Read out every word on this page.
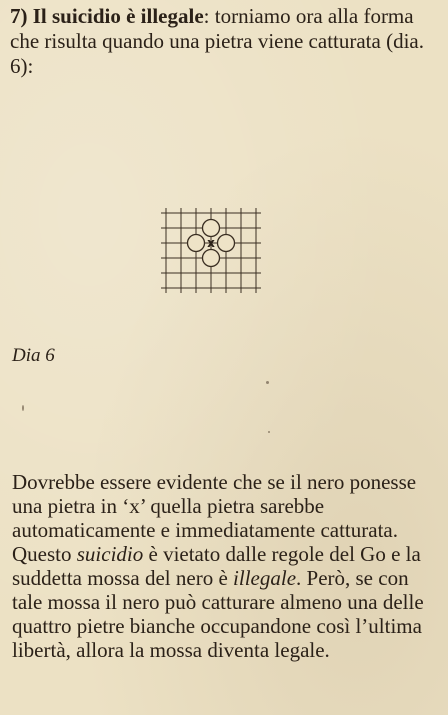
7) Il suicidio è illegale: torniamo ora alla forma che risulta quando una pietra viene catturata (dia. 6):

x

Dia 6

Dovrebbe essere evidente che se il nero ponesse una pietra in ‘x’ quella pietra sarebbe automaticamente e immediatamente catturata. Questo suicidio è vietato dalle regole del Go e la suddetta mossa del nero è illegale. Però, se con tale mossa il nero può catturare almeno una delle quattro pietre bianche occupandone così l’ultima libertà, allora la mossa diventa legale.
